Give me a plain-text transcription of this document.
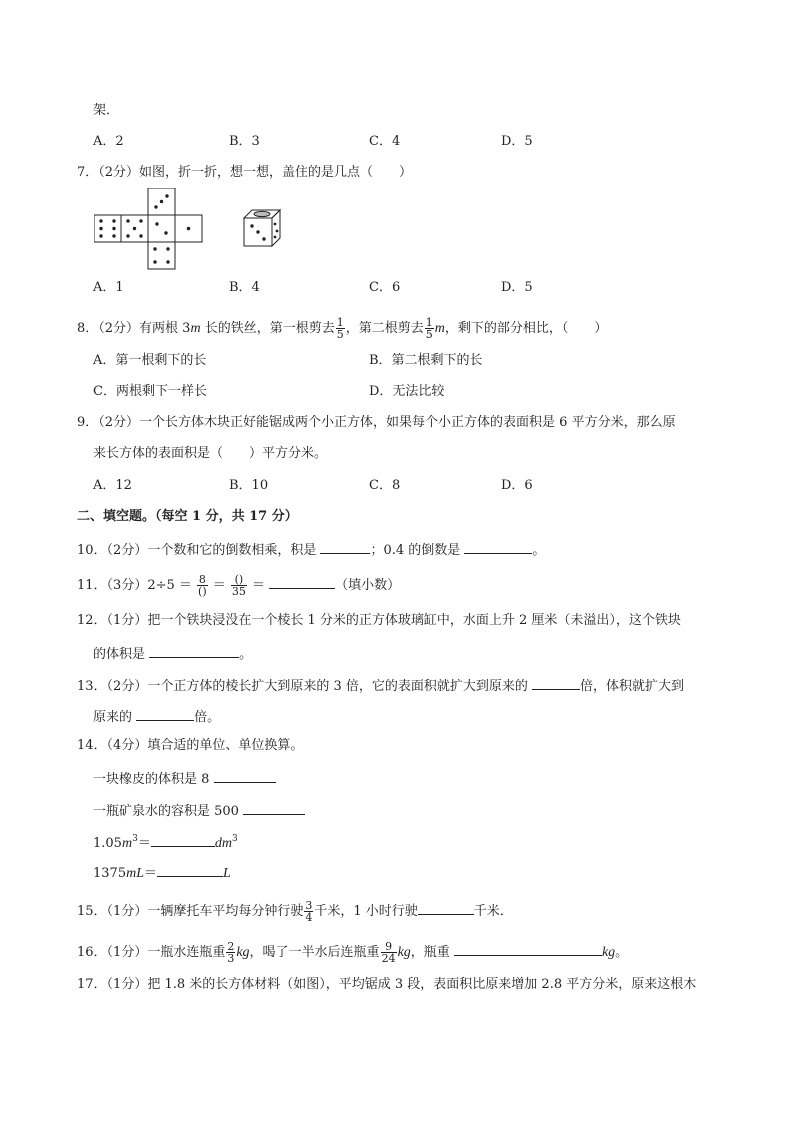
架．
A．2	B．3	C．4	D．5
7．（2分）如图，折一折，想一想，盖住的是几点（　　）
A．1	B．4	C．6	D．5
8．（2分）有两根 3m 长的铁丝，第一根剪去 $\frac{1}{5}$ ，第二根剪去 $\frac{1}{5}$ m，剩下的部分相比，（　　）
A．第一根剩下的长	B．第二根剩下的长
C．两根剩下一样长	D．无法比较
9．（2分）一个长方体木块正好能锯成两个小正方体，如果每个小正方体的表面积是 6 平方分米，那么原
来长方体的表面积是（　　）平方分米。
A．12	B．10	C．8	D．6
二、填空题。（每空 1 分，共 17 分）
10．（2分）一个数和它的倒数相乘，积是	；0.4 的倒数是	。
11．（3分）$2\div 5 = \frac{8}{()} = \frac{()}{35}$ ＝	（填小数）
12．（1分）把一个铁块浸没在一个棱长 1 分米的正方体玻璃缸中，水面上升 2 厘米（未溢出），这个铁块
的体积是	。
13．（2分）一个正方体的棱长扩大到原来的 3 倍，它的表面积就扩大到原来的	倍，体积就扩大到
原来的	倍。
14．（4分）填合适的单位、单位换算。
一块橡皮的体积是 8
一瓶矿泉水的容积是 500
$1.05m^3=$	$dm^3$
1375mL＝	L
15．（1分）一辆摩托车平均每分钟行驶 $\frac{3}{4}$ 千米，1 小时行驶	千米．
16．（1分）一瓶水连瓶重 $\frac{2}{3}$ kg，喝了一半水后连瓶重 $\frac{9}{24}$ kg，瓶重	kg。
17．（1分）把 1.8 米的长方体材料（如图），平均锯成 3 段，表面积比原来增加 2.8 平方分米，原来这根木
